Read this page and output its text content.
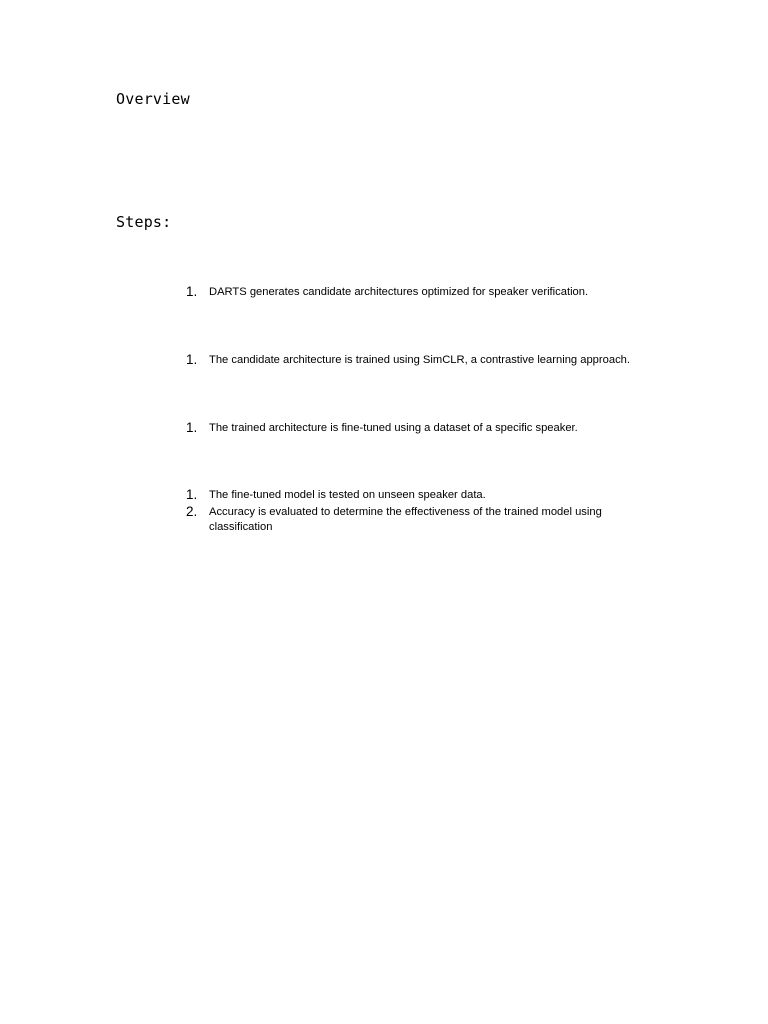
Overview
Steps:
1.	DARTS generates candidate architectures optimized for speaker verification.
1.	The candidate architecture is trained using SimCLR, a contrastive learning approach.
1.	The trained architecture is fine-tuned using a dataset of a specific speaker.
1.	The fine-tuned model is tested on unseen speaker data.
2.	Accuracy is evaluated to determine the effectiveness of the trained model using classification
